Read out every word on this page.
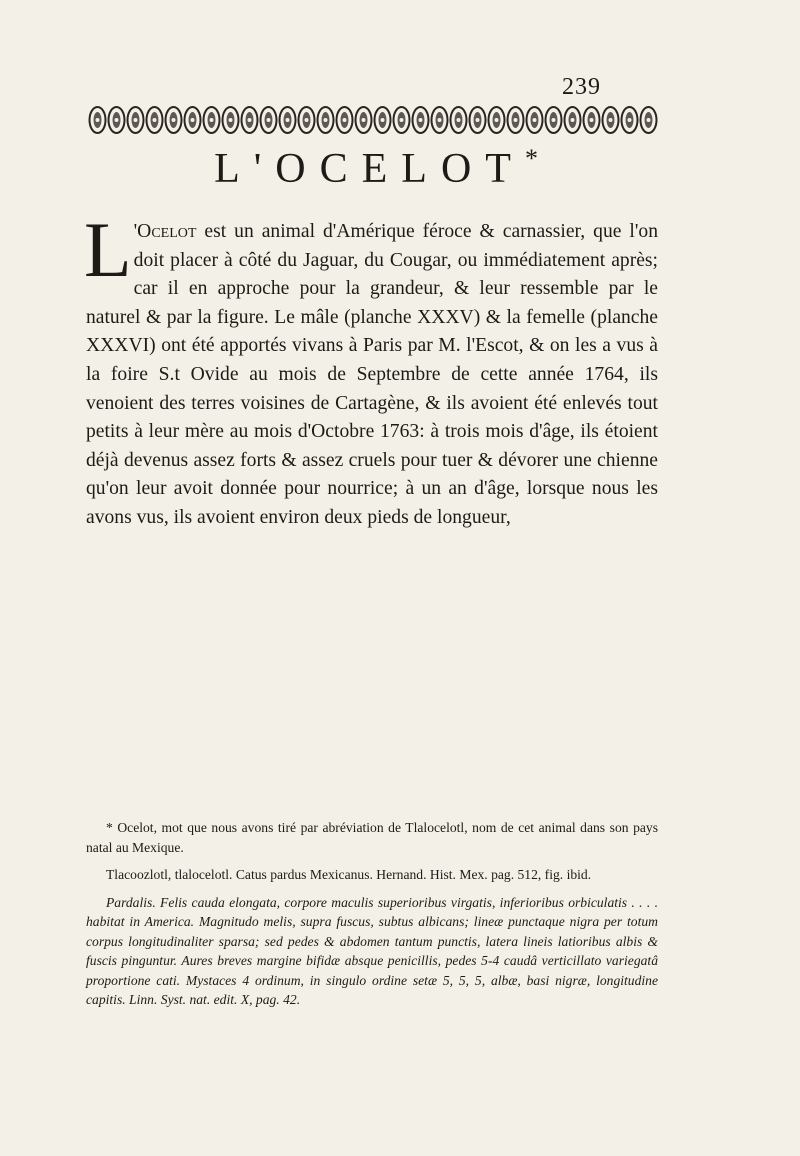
239
L'OCELOT*

L 'Ocelot est un animal d'Amérique féroce & carnassier, que l'on doit placer à côté du Jaguar, du Cougar, ou immédiatement après; car il en approche pour la grandeur, & leur ressemble par le naturel & par la figure. Le mâle (planche XXXV) & la femelle (planche XXXVI) ont été apportés vivans à Paris par M. l'Escot, & on les a vus à la foire S.t Ovide au mois de Septembre de cette année 1764, ils venoient des terres voisines de Cartagène, & ils avoient été enlevés tout petits à leur mère au mois d'Octobre 1763: à trois mois d'âge, ils étoient déjà devenus assez forts & assez cruels pour tuer & dévorer une chienne qu'on leur avoit donnée pour nourrice; à un an d'âge, lorsque nous les avons vus, ils avoient environ deux pieds de longueur,

* Ocelot, mot que nous avons tiré par abréviation de Tlalocelotl, nom de cet animal dans son pays natal au Mexique.

Tlacoozlotl, tlalocelotl. Catus pardus Mexicanus. Hernand. Hist. Mex. pag. 512, fig. ibid.

Pardalis. Felis cauda elongata, corpore maculis superioribus virgatis, inferioribus orbiculatis . . . . habitat in America. Magnitudo melis, supra fuscus, subtus albicans; lineæ punctaque nigra per totum corpus longitudinaliter sparsa; sed pedes & abdomen tantum punctis, latera lineis latioribus albis & fuscis pinguntur. Aures breves margine bifidæ absque penicillis, pedes 5-4 caudâ verticillato variegatâ proportione cati. Mystaces 4 ordinum, in singulo ordine setæ 5, 5, 5, albæ, basi nigræ, longitudine capitis. Linn. Syst. nat. edit. X, pag. 42.
